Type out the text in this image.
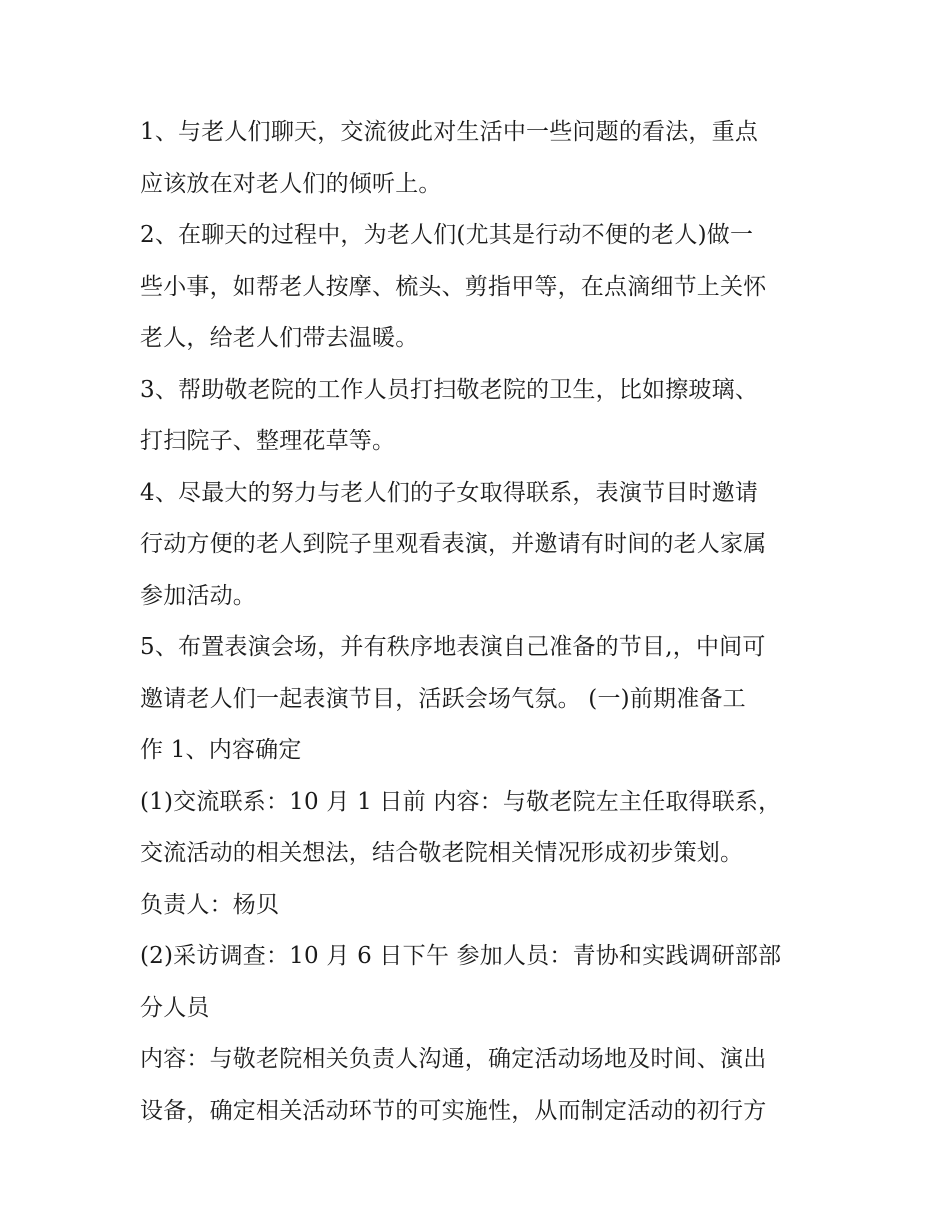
1、与老人们聊天，交流彼此对生活中一些问题的看法，重点
应该放在对老人们的倾听上。
2、在聊天的过程中，为老人们(尤其是行动不便的老人)做一
些小事，如帮老人按摩、梳头、剪指甲等，在点滴细节上关怀
老人，给老人们带去温暖。
3、帮助敬老院的工作人员打扫敬老院的卫生，比如擦玻璃、
打扫院子、整理花草等。
4、尽最大的努力与老人们的子女取得联系，表演节目时邀请
行动方便的老人到院子里观看表演，并邀请有时间的老人家属
参加活动。
5、布置表演会场，并有秩序地表演自己准备的节目,，中间可
邀请老人们一起表演节目，活跃会场气氛。 (一)前期准备工
作 1、内容确定
(1)交流联系：10 月 1 日前 内容：与敬老院左主任取得联系，
交流活动的相关想法，结合敬老院相关情况形成初步策划。
负责人：杨贝
(2)采访调查：10 月 6 日下午 参加人员：青协和实践调研部部
分人员
内容：与敬老院相关负责人沟通，确定活动场地及时间、演出
设备，确定相关活动环节的可实施性，从而制定活动的初行方
